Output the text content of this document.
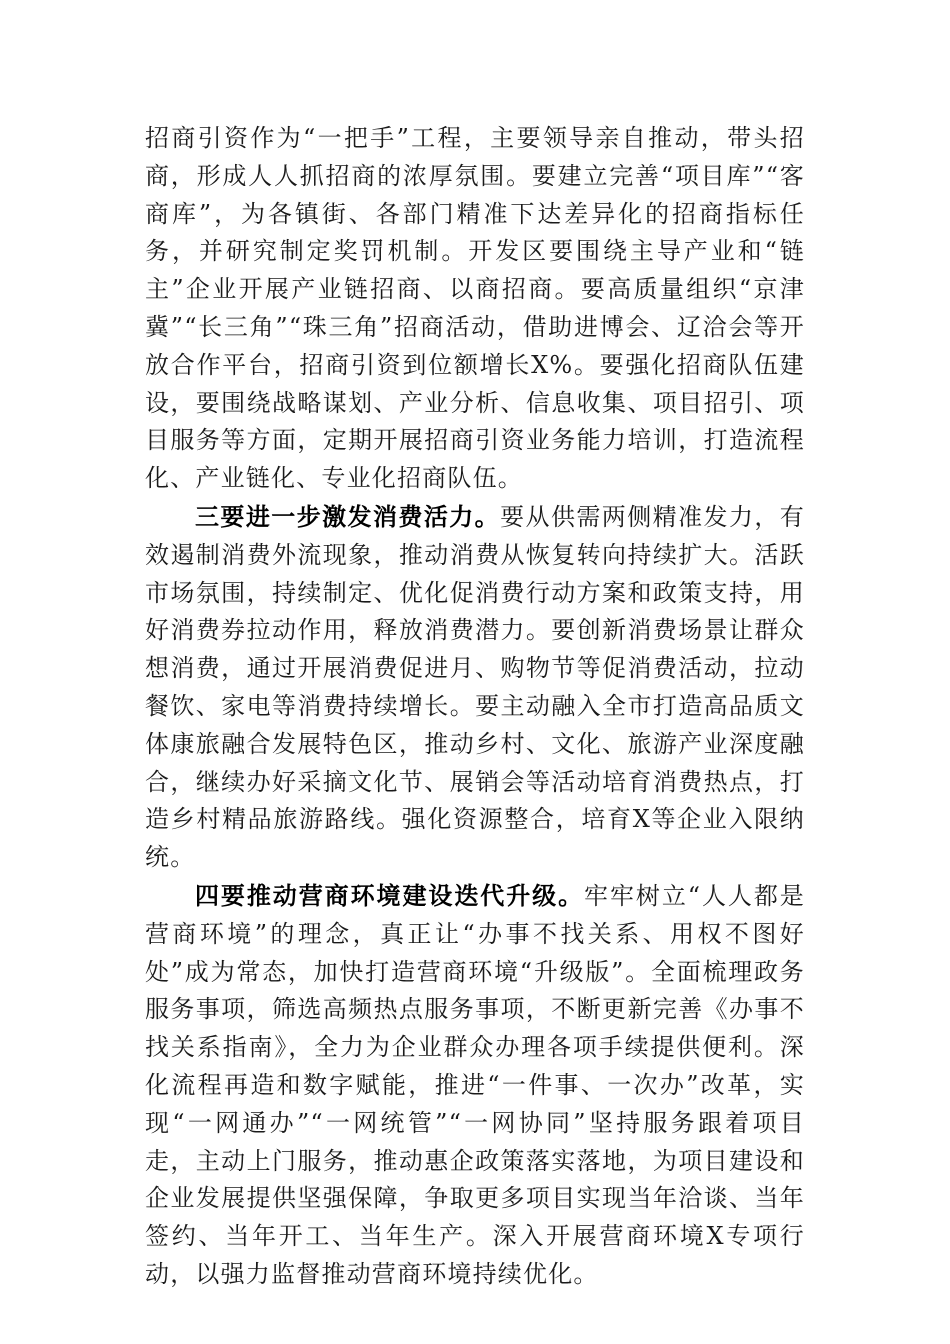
招商引资作为“一把手”工程，主要领导亲自推动，带头招商，形成人人抓招商的浓厚氛围。要建立完善“项目库”“客商库”，为各镇街、各部门精准下达差异化的招商指标任务，并研究制定奖罚机制。开发区要围绕主导产业和“链主”企业开展产业链招商、以商招商。要高质量组织“京津冀”“长三角”“珠三角”招商活动，借助进博会、辽洽会等开放合作平台，招商引资到位额增长X%。要强化招商队伍建设，要围绕战略谋划、产业分析、信息收集、项目招引、项目服务等方面，定期开展招商引资业务能力培训，打造流程化、产业链化、专业化招商队伍。

三要进一步激发消费活力。要从供需两侧精准发力，有效遏制消费外流现象，推动消费从恢复转向持续扩大。活跃市场氛围，持续制定、优化促消费行动方案和政策支持，用好消费券拉动作用，释放消费潜力。要创新消费场景让群众想消费，通过开展消费促进月、购物节等促消费活动，拉动餐饮、家电等消费持续增长。要主动融入全市打造高品质文体康旅融合发展特色区，推动乡村、文化、旅游产业深度融合，继续办好采摘文化节、展销会等活动培育消费热点，打造乡村精品旅游路线。强化资源整合，培育X等企业入限纳统。

四要推动营商环境建设迭代升级。牢牢树立“人人都是营商环境”的理念，真正让“办事不找关系、用权不图好处”成为常态，加快打造营商环境“升级版”。全面梳理政务服务事项，筛选高频热点服务事项，不断更新完善《办事不找关系指南》，全力为企业群众办理各项手续提供便利。深化流程再造和数字赋能，推进“一件事、一次办”改革，实现“一网通办”“一网统管”“一网协同”坚持服务跟着项目走，主动上门服务，推动惠企政策落实落地，为项目建设和企业发展提供坚强保障，争取更多项目实现当年洽谈、当年签约、当年开工、当年生产。深入开展营商环境X专项行动，以强力监督推动营商环境持续优化。
